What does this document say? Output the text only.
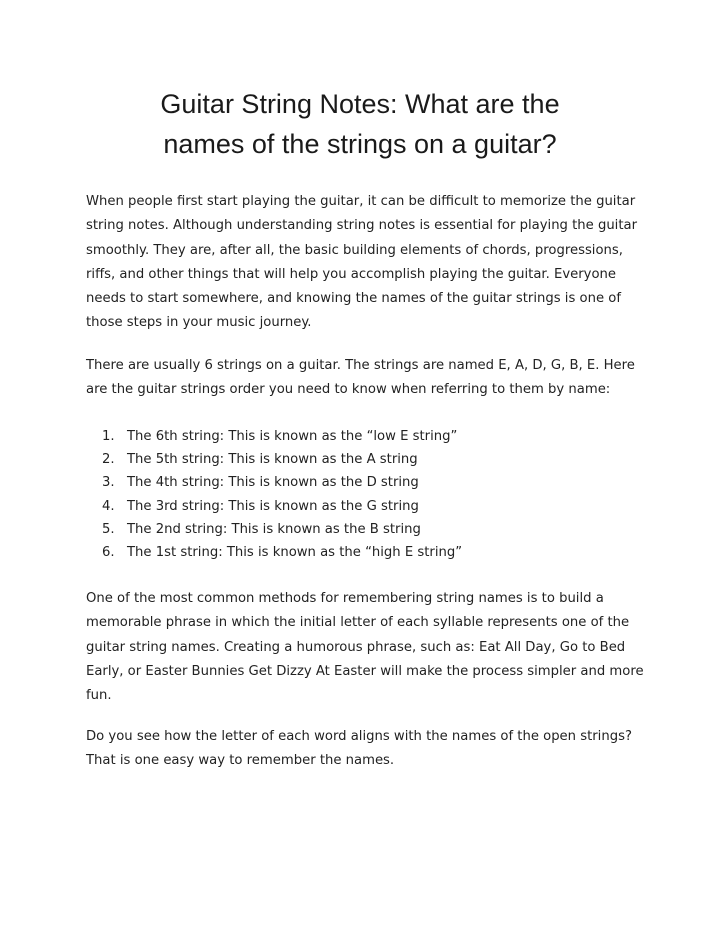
Guitar String Notes: What are the
names of the strings on a guitar?

When people first start playing the guitar, it can be difficult to memorize the guitar string notes. Although understanding string notes is essential for playing the guitar smoothly. They are, after all, the basic building elements of chords, progressions, riffs, and other things that will help you accomplish playing the guitar. Everyone needs to start somewhere, and knowing the names of the guitar strings is one of those steps in your music journey.

There are usually 6 strings on a guitar. The strings are named E, A, D, G, B, E. Here are the guitar strings order you need to know when referring to them by name:

1. The 6th string: This is known as the “low E string”
2. The 5th string: This is known as the A string
3. The 4th string: This is known as the D string
4. The 3rd string: This is known as the G string
5. The 2nd string: This is known as the B string
6. The 1st string: This is known as the “high E string”

One of the most common methods for remembering string names is to build a memorable phrase in which the initial letter of each syllable represents one of the guitar string names. Creating a humorous phrase, such as: Eat All Day, Go to Bed Early, or Easter Bunnies Get Dizzy At Easter will make the process simpler and more fun.

Do you see how the letter of each word aligns with the names of the open strings? That is one easy way to remember the names.
